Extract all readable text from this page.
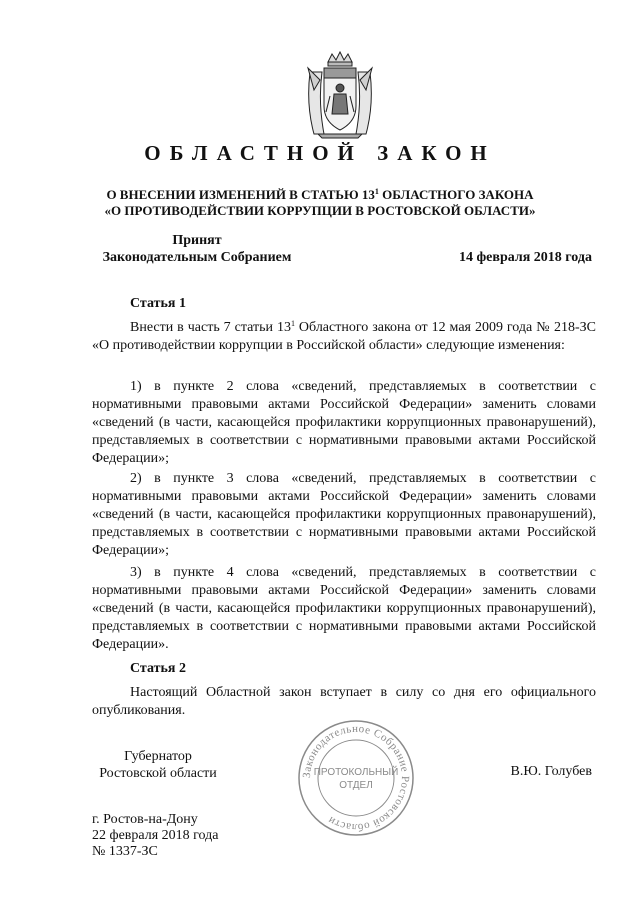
ОБЛАСТНОЙ ЗАКОН
О ВНЕСЕНИИ ИЗМЕНЕНИЙ В СТАТЬЮ $13^1$ ОБЛАСТНОГО ЗАКОНА
«О ПРОТИВОДЕЙСТВИИ КОРРУПЦИИ В РОСТОВСКОЙ ОБЛАСТИ»
Принят
Законодательным Собранием	14 февраля 2018 года
Статья 1
Внести в часть 7 статьи $13^1$ Областного закона от 12 мая 2009 года № 218-ЗС «О противодействии коррупции в Российской области» следующие изменения:
1) в пункте 2 слова «сведений, представляемых в соответствии с нормативными правовыми актами Российской Федерации» заменить словами «сведений (в части, касающейся профилактики коррупционных правонарушений), представляемых в соответствии с нормативными правовыми актами Российской Федерации»;
2) в пункте 3 слова «сведений, представляемых в соответствии с нормативными правовыми актами Российской Федерации» заменить словами «сведений (в части, касающейся профилактики коррупционных правонарушений), представляемых в соответствии с нормативными правовыми актами Российской Федерации»;
3) в пункте 4 слова «сведений, представляемых в соответствии с нормативными правовыми актами Российской Федерации» заменить словами «сведений (в части, касающейся профилактики коррупционных правонарушений), представляемых в соответствии с нормативными правовыми актами Российской Федерации».
Статья 2
Настоящий Областной закон вступает в силу со дня его официального опубликования.
Губернатор
Ростовской области	Законодательное Собрание Ростовской области
ПРОТОКОЛЬНЫЙ
ОТДЕЛ
В.Ю. Голубев
г. Ростов-на-Дону
22 февраля 2018 года
№ 1337-ЗС
